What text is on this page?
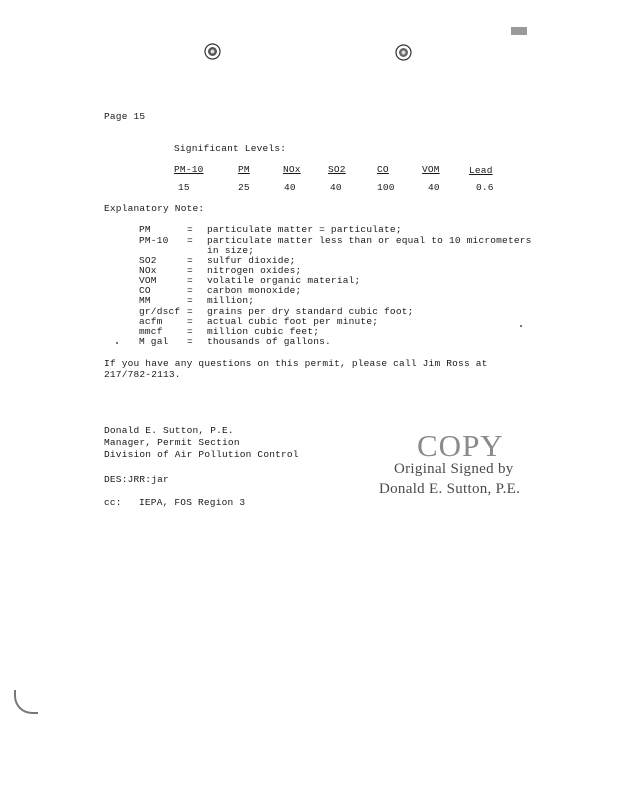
Page 15
Significant Levels:
PM-10	PM	NOx	SO2	CO	VOM	Lead
15	25	40	40	100	40	0.6
Explanatory Note:
PM	= particulate matter = particulate;
PM-10 = particulate matter less than or equal to 10 micrometers
in size;
SO2	= sulfur dioxide;
NOx	= nitrogen oxides;
VOM	= volatile organic material;
CO	= carbon monoxide;
MM	= million;
gr/dscf = grains per dry standard cubic foot;
acfm	= actual cubic foot per minute;
mmcf	= million cubic feet;
M gal = thousands of gallons.
If you have any questions on this permit, please call Jim Ross at
217/782-2113.
Donald E. Sutton, P.E.
Manager, Permit Section
Division of Air Pollution Control
DES:JRR:jar
cc: IEPA, FOS Region 3
COPY
Original Signed by
Donald E. Sutton, P.E.
